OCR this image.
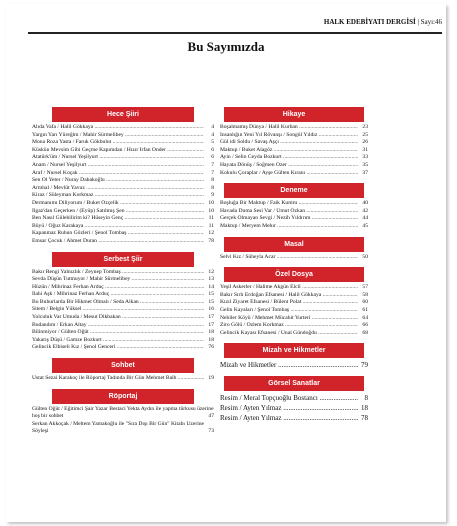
HALK EDEBİYATI DERGİSİ | Sayı:46
Bu Sayımızda
Hece Şiiri
Alıda Vafa / Halil Gökkaya .....	4
Yargın Yarı Yüreğim / Mahir Sürmelibey .....	4
Mona Roza Yasta / Faruk Gökbulut .....	5
Küskün Mevsim Gibi Geçme Kapımdan / Hızır İrfan Önder .....	6
Atatürk'üm / Nursel Yeşilyurt .....	6
Anam / Nursel Yeşilyurt .....	7
Araf / Nursel Koçak .....	7
Sen Ol Yeter / Nuray Dabakoğlu .....	8
Armhal / Mevlüt Yavuz .....	8
Kiraz / Süleyman Korkmaz .....	9
Dermanımı Diliyorum / Buket Özçelik .....	10
Ilgaz'dan Geçerken / (Eyüp) Satılmış Şen .....	10
Ben Nasıl Gülebilirim ki? Hüseyin Genç .....	11
Büyü / Oğuz Karakaya .....	11
Kapanmaz Ruhun Gözleri / Şenol Tombaş .....	12
Emsar Çocuk / Ahmet Duran .....	78
Serbest Şiir
Bakır Rengi Yalnızlık / Zeynep Tombaş .....	12
Sevda Düşün Tutmuyor / Mahir Sürmelibey .....	13
Hüzün / Mihrinaz Ferhan Arduç .....	14
İlahi Aşk / Mihrinaz Ferhan Arduç .....	15
Bu Buhurlarda Bir Hikmet Olmalı / Seda Alkan .....	15
Sitem / Belgin Yüksel .....	16
Yolculuk Var Umuda / Mesut Dikbakan .....	17
Budandım / Erkan Altay .....	17
Bilinmiyor / Gülten Öğüt .....	18
Yakarış Düşü / Gamze Bozkurt .....	18
Gelincik Elbiseli Kız / Şenol Genceri .....	76
Sohbet
Üstat Sezai Karakoç ile Röportaj Tadında Bir Gün Mehmet Balh .....	19
Röportaj
Gülten Öğüt / Eğitimci Şair Yazar Bestaci Yekta Aydın ile yapma türkusu üzerine hoş bir sohbet	47
Serkan Akkoçak / Meltem Yamakoğlu ile "Sıra Dışı Bir Gün" Kitabı Üzerine Söyleşi	73
Hikaye
Boşalmamış Dünya / Halil Kurban .....	23
İnsanlığın Yeni Yıl Rövanşı / Songül Yıldız .....	25
Gül idi Soldu / Savaş Aşçı .....	26
Maktup / Buket Alagöz .....	31
Ayin / Selin Ceyda Bozkurt .....	33
Hayata Dönüş / Soğmen Özer .....	35
Kokulu Çoraplar / Ayşe Gülten Kıranı .....	37
Deneme
Boşluğa Bir Maktup / Faik Kumru .....	40
Havada Duma Sesi Var / Umut Özkan .....	42
Gerçek Olmayan Sevgi / Nezih Yıldırım .....	44
Maktup / Meryem Mehır .....	45
Masal
Selvi Kız / Süheyla Acar .....	50
Özel Dosya
Yeşil Askerler / Halime Akgün Elcil .....	57
Bakır Sırlı Erdoğan Efsanesi / Halil Gökkaya .....	58
Kızıl Ziyaret Efsanesi / Bülent Polat .....	60
Gelin Kayaları / Şenol Tombaş .....	61
Nebiler Köyü / Mehmet Mücahit Yurteri .....	64
Ziro Gölü / Özlem Korkmaz .....	66
Gelincik Kayası Efsanesi / Ünal Gündoğdu .....	68
Mizah ve Hikmetler
Mizah ve Hikmetler .....	79
Görsel Sanatlar
Resim / Meral Topçuoğlu Bostancı .....	8
Resim / Ayten Yılmaz .....	18
Resim / Ayten Yılmaz .....	78
